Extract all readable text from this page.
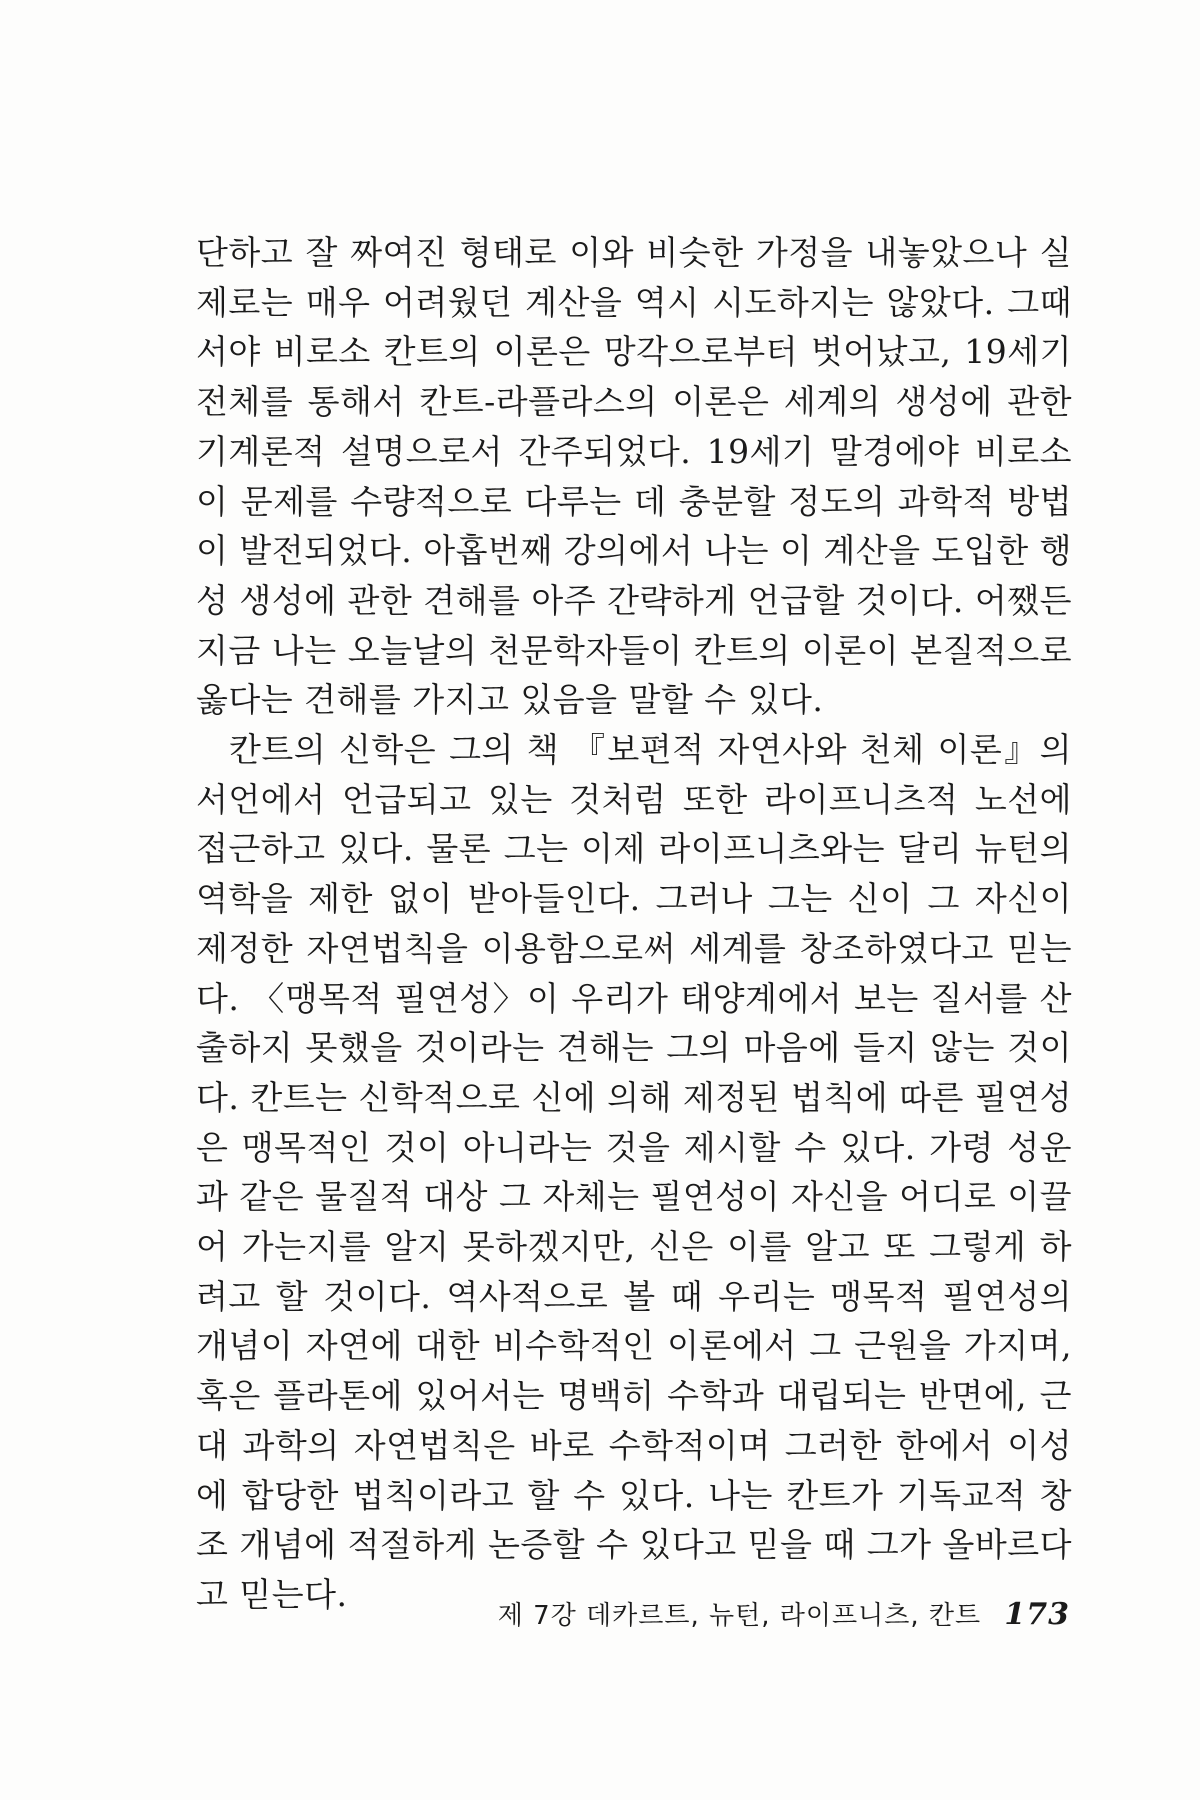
단하고 잘 짜여진 형태로 이와 비슷한 가정을 내놓았으나 실제로는 매우 어려웠던 계산을 역시 시도하지는 않았다. 그때서야 비로소 칸트의 이론은 망각으로부터 벗어났고, 19세기 전체를 통해서 칸트-라플라스의 이론은 세계의 생성에 관한 기계론적 설명으로서 간주되었다. 19세기 말경에야 비로소 이 문제를 수량적으로 다루는 데 충분할 정도의 과학적 방법이 발전되었다. 아홉번째 강의에서 나는 이 계산을 도입한 행성 생성에 관한 견해를 아주 간략하게 언급할 것이다. 어쨌든 지금 나는 오늘날의 천문학자들이 칸트의 이론이 본질적으로 옳다는 견해를 가지고 있음을 말할 수 있다.

칸트의 신학은 그의 책 『보편적 자연사와 천체 이론』의 서언에서 언급되고 있는 것처럼 또한 라이프니츠적 노선에 접근하고 있다. 물론 그는 이제 라이프니츠와는 달리 뉴턴의 역학을 제한 없이 받아들인다. 그러나 그는 신이 그 자신이 제정한 자연법칙을 이용함으로써 세계를 창조하였다고 믿는다. 〈맹목적 필연성〉이 우리가 태양계에서 보는 질서를 산출하지 못했을 것이라는 견해는 그의 마음에 들지 않는 것이다. 칸트는 신학적으로 신에 의해 제정된 법칙에 따른 필연성은 맹목적인 것이 아니라는 것을 제시할 수 있다. 가령 성운과 같은 물질적 대상 그 자체는 필연성이 자신을 어디로 이끌어 가는지를 알지 못하겠지만, 신은 이를 알고 또 그렇게 하려고 할 것이다. 역사적으로 볼 때 우리는 맹목적 필연성의 개념이 자연에 대한 비수학적인 이론에서 그 근원을 가지며, 혹은 플라톤에 있어서는 명백히 수학과 대립되는 반면에, 근대 과학의 자연법칙은 바로 수학적이며 그러한 한에서 이성에 합당한 법칙이라고 할 수 있다. 나는 칸트가 기독교적 창조 개념에 적절하게 논증할 수 있다고 믿을 때 그가 올바르다고 믿는다.

제 7강 데카르트, 뉴턴, 라이프니츠, 칸트 173
